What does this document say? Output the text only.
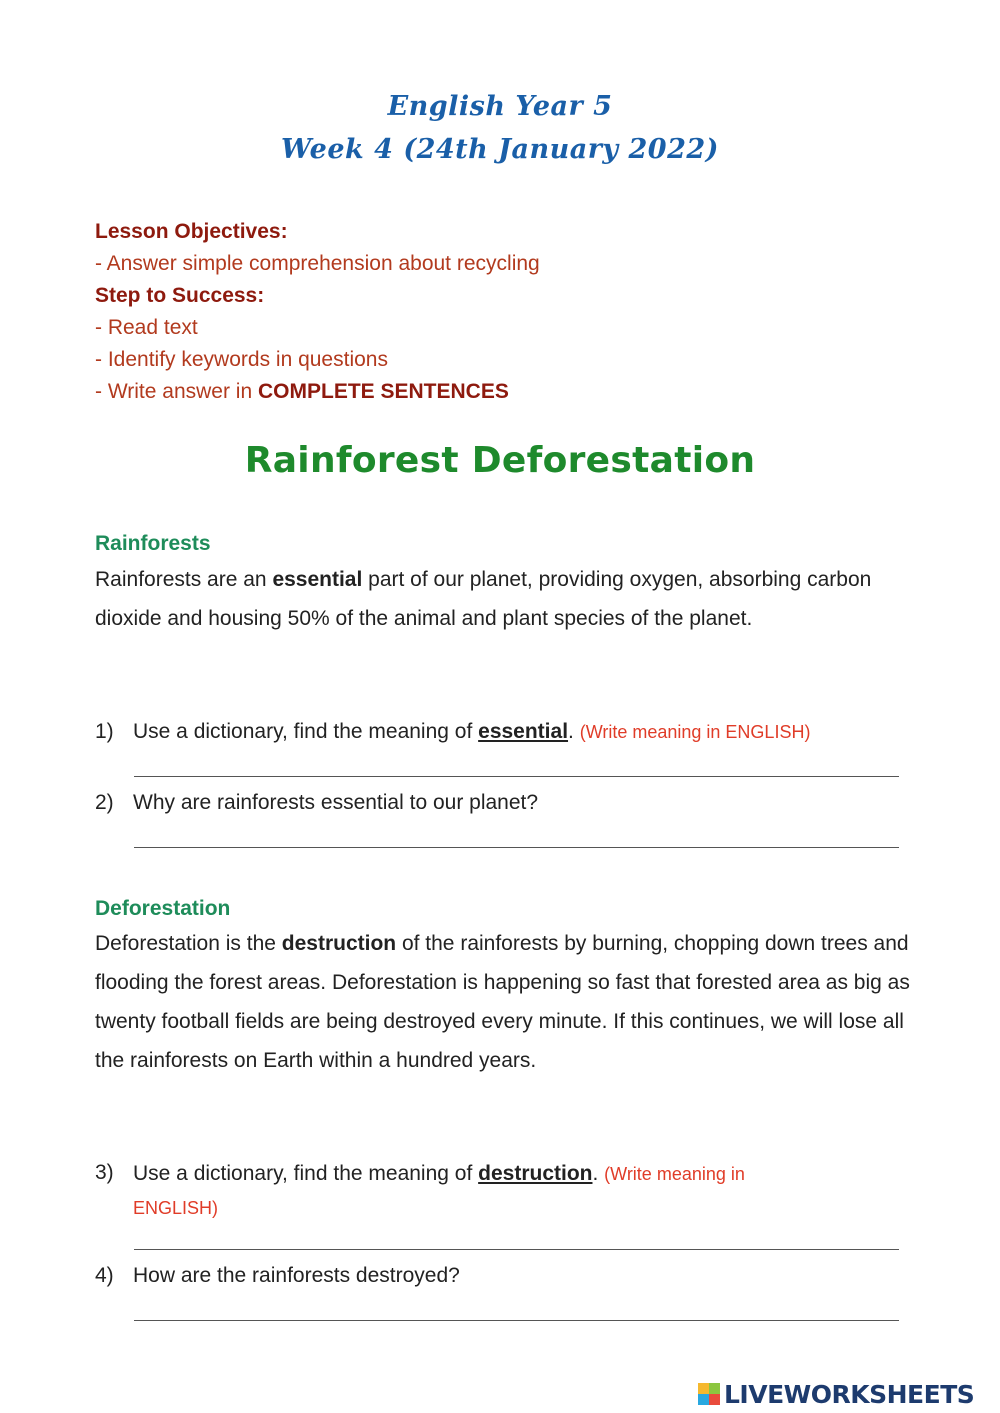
English Year 5
Week 4 (24th January 2022)
Lesson Objectives:
- Answer simple comprehension about recycling
Step to Success:
- Read text
- Identify keywords in questions
- Write answer in COMPLETE SENTENCES
Rainforest Deforestation
Rainforests
Rainforests are an essential part of our planet, providing oxygen, absorbing carbon dioxide and housing 50% of the animal and plant species of the planet.
1) Use a dictionary, find the meaning of essential. (Write meaning in ENGLISH)
2) Why are rainforests essential to our planet?
Deforestation
Deforestation is the destruction of the rainforests by burning, chopping down trees and flooding the forest areas. Deforestation is happening so fast that forested area as big as twenty football fields are being destroyed every minute. If this continues, we will lose all the rainforests on Earth within a hundred years.
3) Use a dictionary, find the meaning of destruction. (Write meaning in ENGLISH)
4) How are the rainforests destroyed?
LIVEWORKSHEETS
